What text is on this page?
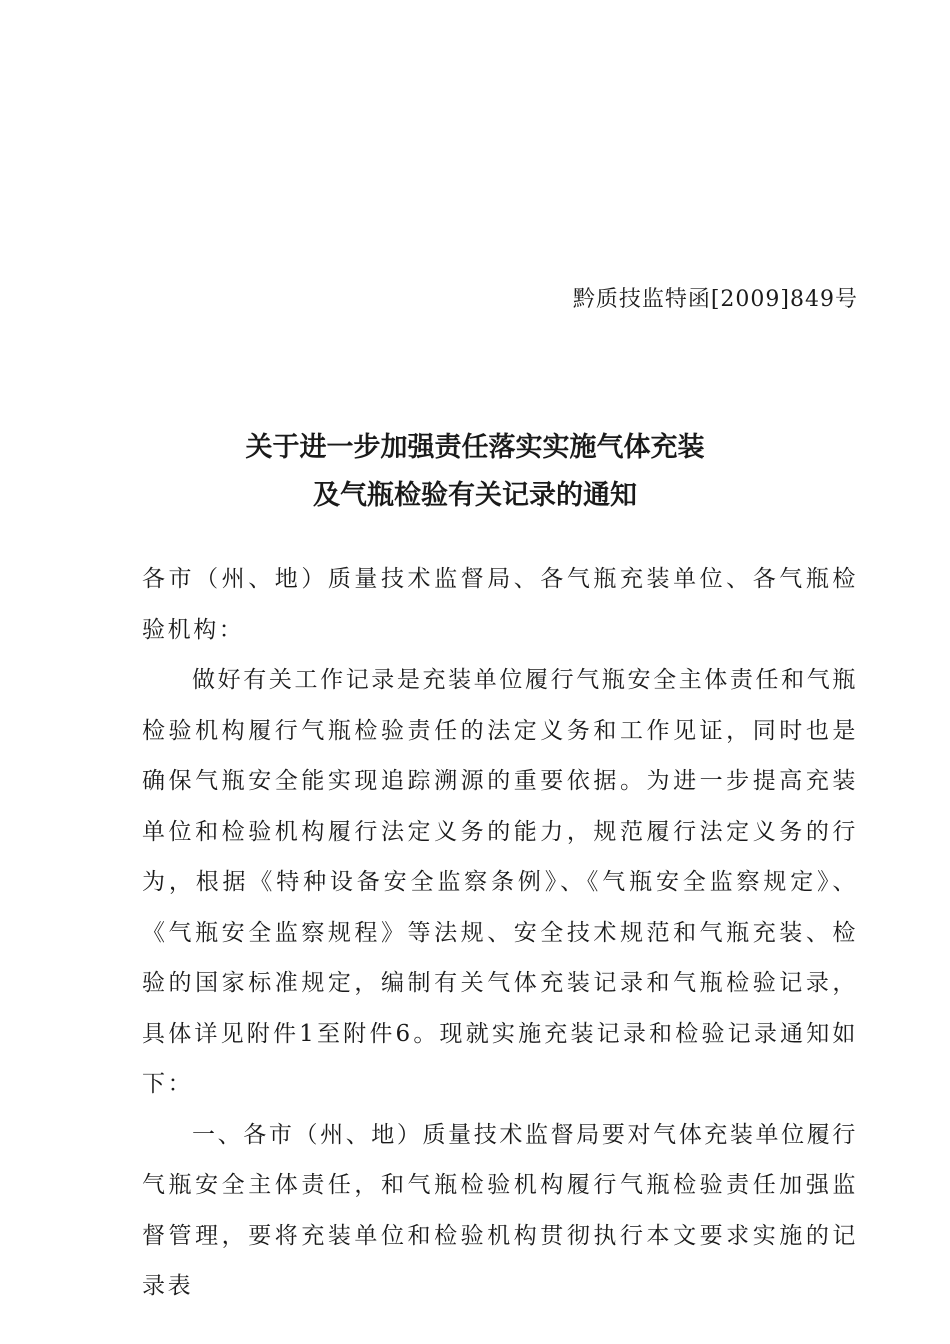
黔质技监特函[2009]849号
关于进一步加强责任落实实施气体充装
及气瓶检验有关记录的通知

各市（州、地）质量技术监督局、各气瓶充装单位、各气瓶检验机构：

做好有关工作记录是充装单位履行气瓶安全主体责任和气瓶检验机构履行气瓶检验责任的法定义务和工作见证，同时也是确保气瓶安全能实现追踪溯源的重要依据。为进一步提高充装单位和检验机构履行法定义务的能力，规范履行法定义务的行为，根据《特种设备安全监察条例》、《气瓶安全监察规定》、《气瓶安全监察规程》等法规、安全技术规范和气瓶充装、检验的国家标准规定，编制有关气体充装记录和气瓶检验记录，具体详见附件1至附件6。现就实施充装记录和检验记录通知如下：

一、各市（州、地）质量技术监督局要对气体充装单位履行气瓶安全主体责任，和气瓶检验机构履行气瓶检验责任加强监督管理，要将充装单位和检验机构贯彻执行本文要求实施的记录表
